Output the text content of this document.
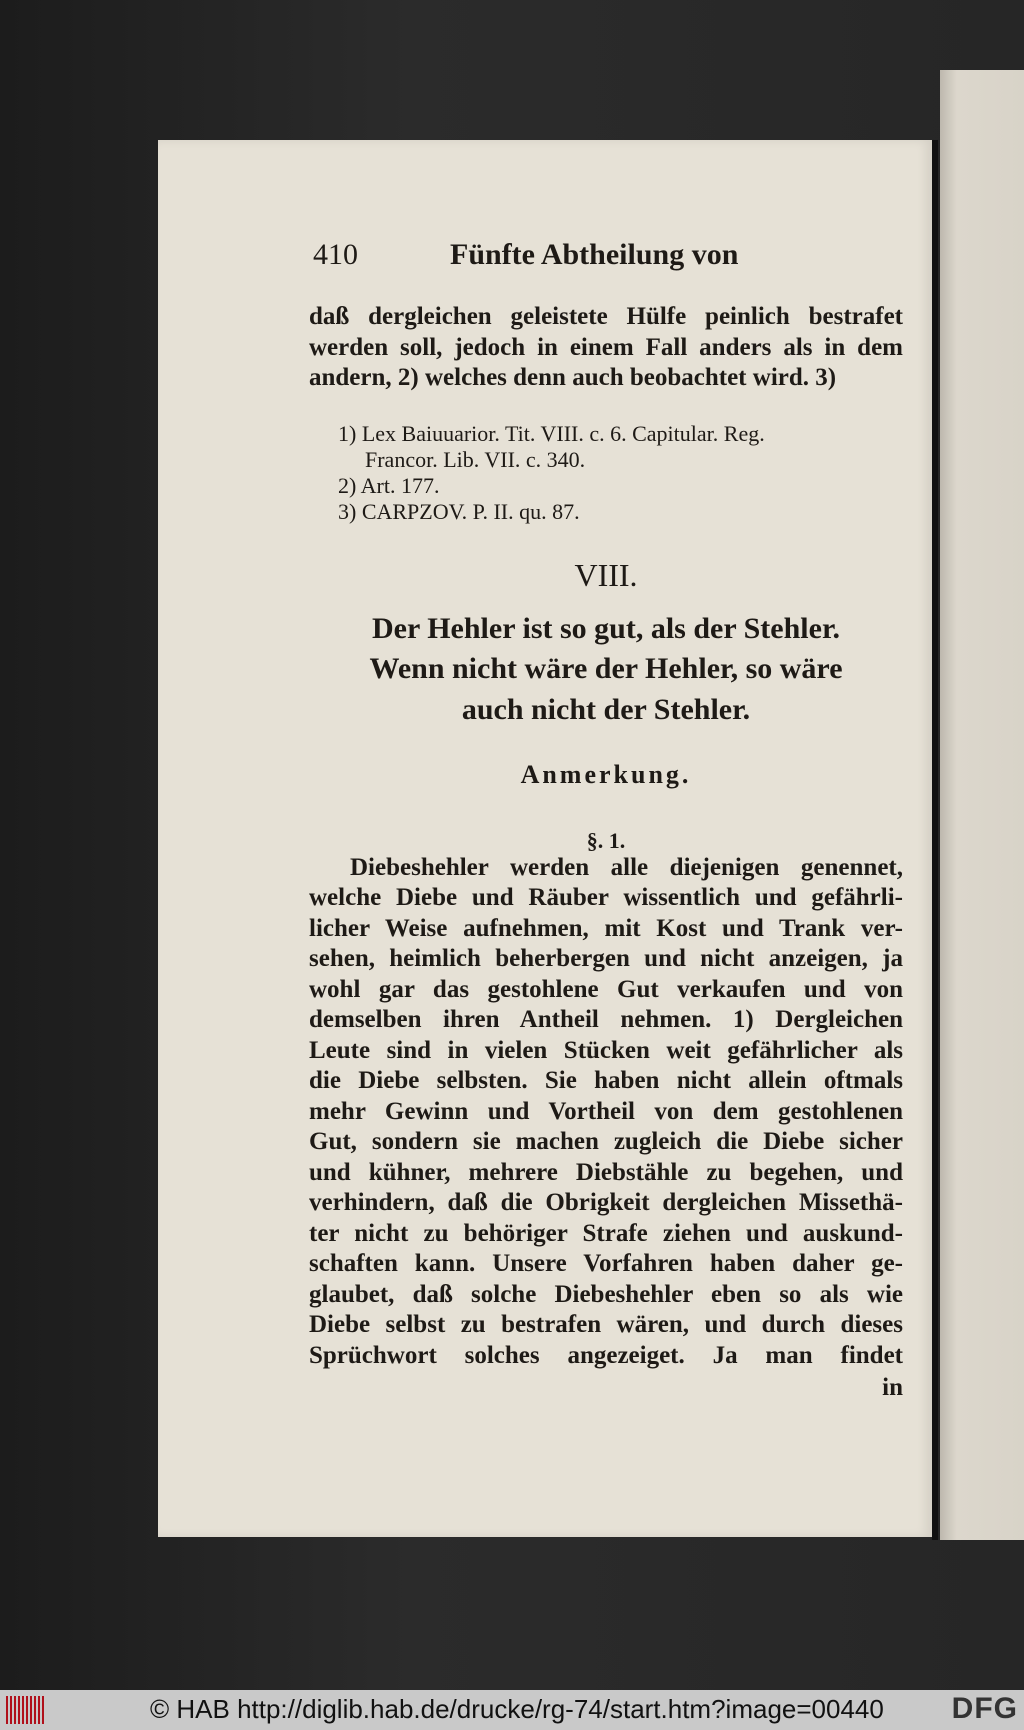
410	Fünfte Abtheilung von
daß dergleichen geleistete Hülfe peinlich bestrafet
werden soll, jedoch in einem Fall anders als in dem
andern, 2) welches denn auch beobachtet wird. 3)
1) Lex Baiuuarior. Tit. VIII. c. 6. Capitular. Reg.
Francor. Lib. VII. c. 340.
2) Art. 177.
3) CARPZOV. P. II. qu. 87.
VIII.
Der Hehler ist so gut, als der Stehler.
Wenn nicht wäre der Hehler, so wäre
auch nicht der Stehler.
Anmerkung.
§. 1.
Diebeshehler werden alle diejenigen genennet,
welche Diebe und Räuber wissentlich und gefährli-
licher Weise aufnehmen, mit Kost und Trank ver-
sehen, heimlich beherbergen und nicht anzeigen, ja
wohl gar das gestohlene Gut verkaufen und von
demselben ihren Antheil nehmen. 1) Dergleichen
Leute sind in vielen Stücken weit gefährlicher als
die Diebe selbsten. Sie haben nicht allein oftmals
mehr Gewinn und Vortheil von dem gestohlenen
Gut, sondern sie machen zugleich die Diebe sicher
und kühner, mehrere Diebstähle zu begehen, und
verhindern, daß die Obrigkeit dergleichen Missethä-
ter nicht zu behöriger Strafe ziehen und auskund-
schaften kann. Unsere Vorfahren haben daher ge-
glaubet, daß solche Diebeshehler eben so als wie
Diebe selbst zu bestrafen wären, und durch dieses
Sprüchwort solches angezeiget. Ja man findet
in
© HAB http://diglib.hab.de/drucke/rg-74/start.htm?image=00440 DFG
